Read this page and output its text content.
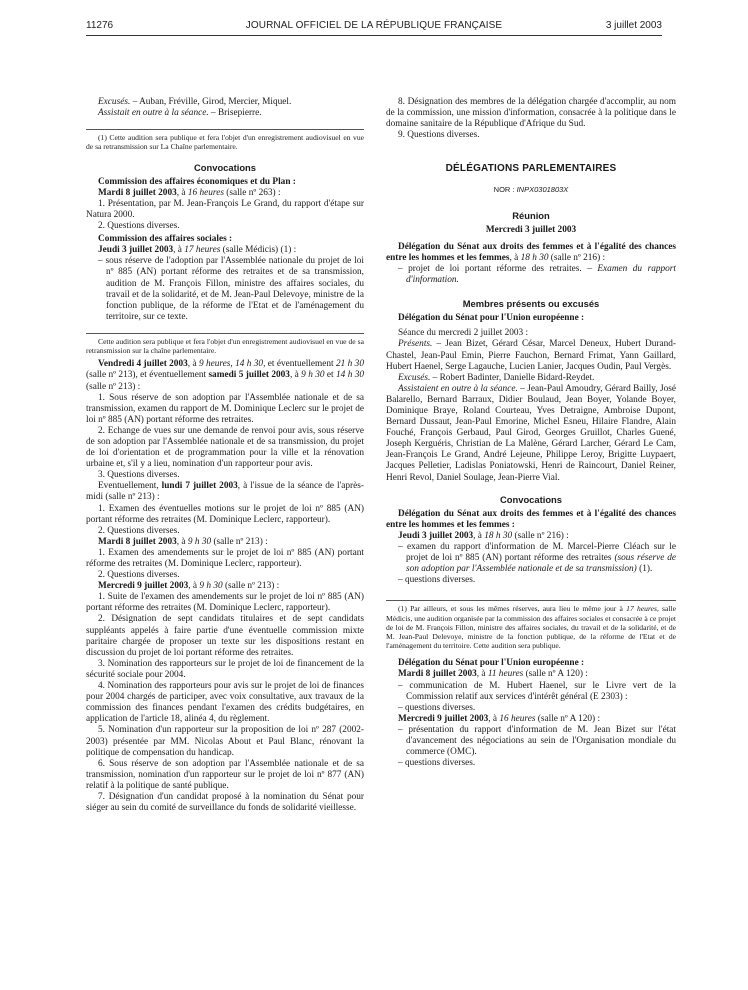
11276	JOURNAL OFFICIEL DE LA RÉPUBLIQUE FRANÇAISE	3 juillet 2003

Excusés. – Auban, Fréville, Girod, Mercier, Miquel.

Assistait en outre à la séance. – Brisepierre.

(1) Cette audition sera publique et fera l'objet d'un enregistrement audiovisuel en vue de sa retransmission sur La Chaîne parlementaire.

Convocations

Commission des affaires économiques et du Plan :

Mardi 8 juillet 2003, à 16 heures (salle nº 263) :

1. Présentation, par M. Jean-François Le Grand, du rapport d'étape sur Natura 2000.

2. Questions diverses.

Commission des affaires sociales :

Jeudi 3 juillet 2003, à 17 heures (salle Médicis) (1) :

– sous réserve de l'adoption par l'Assemblée nationale du projet de loi nº 885 (AN) portant réforme des retraites et de sa transmission, audition de M. François Fillon, ministre des affaires sociales, du travail et de la solidarité, et de M. Jean-Paul Delevoye, ministre de la fonction publique, de la réforme de l'Etat et de l'aménagement du territoire, sur ce texte.

Cette audition sera publique et fera l'objet d'un enregistrement audiovisuel en vue de sa retransmission sur la chaîne parlementaire.

Vendredi 4 juillet 2003, à 9 heures, 14 h 30, et éventuellement 21 h 30 (salle nº 213), et éventuellement samedi 5 juillet 2003, à 9 h 30 et 14 h 30 (salle nº 213) :

1. Sous réserve de son adoption par l'Assemblée nationale et de sa transmission, examen du rapport de M. Dominique Leclerc sur le projet de loi nº 885 (AN) portant réforme des retraites.

2. Echange de vues sur une demande de renvoi pour avis, sous réserve de son adoption par l'Assemblée nationale et de sa transmission, du projet de loi d'orientation et de programmation pour la ville et la rénovation urbaine et, s'il y a lieu, nomination d'un rapporteur pour avis.

3. Questions diverses.

Eventuellement, lundi 7 juillet 2003, à l'issue de la séance de l'après-midi (salle nº 213) :

1. Examen des éventuelles motions sur le projet de loi nº 885 (AN) portant réforme des retraites (M. Dominique Leclerc, rapporteur).

2. Questions diverses.

Mardi 8 juillet 2003, à 9 h 30 (salle nº 213) :

1. Examen des amendements sur le projet de loi nº 885 (AN) portant réforme des retraites (M. Dominique Leclerc, rapporteur).

2. Questions diverses.

Mercredi 9 juillet 2003, à 9 h 30 (salle nº 213) :

1. Suite de l'examen des amendements sur le projet de loi nº 885 (AN) portant réforme des retraites (M. Dominique Leclerc, rapporteur).

2. Désignation de sept candidats titulaires et de sept candidats suppléants appelés à faire partie d'une éventuelle commission mixte paritaire chargée de proposer un texte sur les dispositions restant en discussion du projet de loi portant réforme des retraites.

3. Nomination des rapporteurs sur le projet de loi de financement de la sécurité sociale pour 2004.

4. Nomination des rapporteurs pour avis sur le projet de loi de finances pour 2004 chargés de participer, avec voix consultative, aux travaux de la commission des finances pendant l'examen des crédits budgétaires, en application de l'article 18, alinéa 4, du règlement.

5. Nomination d'un rapporteur sur la proposition de loi nº 287 (2002-2003) présentée par MM. Nicolas About et Paul Blanc, rénovant la politique de compensation du handicap.

6. Sous réserve de son adoption par l'Assemblée nationale et de sa transmission, nomination d'un rapporteur sur le projet de loi nº 877 (AN) relatif à la politique de santé publique.

7. Désignation d'un candidat proposé à la nomination du Sénat pour siéger au sein du comité de surveillance du fonds de solidarité vieillesse.

8. Désignation des membres de la délégation chargée d'accomplir, au nom de la commission, une mission d'information, consacrée à la politique dans le domaine sanitaire de la République d'Afrique du Sud.

9. Questions diverses.

DÉLÉGATIONS PARLEMENTAIRES
NOR : INPX0301803X
Réunion

Mercredi 3 juillet 2003

Délégation du Sénat aux droits des femmes et à l'égalité des chances entre les hommes et les femmes, à 18 h 30 (salle nº 216) :

– projet de loi portant réforme des retraites. – Examen du rapport d'information.

Membres présents ou excusés

Délégation du Sénat pour l'Union européenne :

Séance du mercredi 2 juillet 2003 :

Présents. – Jean Bizet, Gérard César, Marcel Deneux, Hubert Durand-Chastel, Jean-Paul Emin, Pierre Fauchon, Bernard Frimat, Yann Gaillard, Hubert Haenel, Serge Lagauche, Lucien Lanier, Jacques Oudin, Paul Vergès.

Excusés. – Robert Badinter, Danielle Bidard-Reydet.

Assistaient en outre à la séance. – Jean-Paul Amoudry, Gérard Bailly, José Balarello, Bernard Barraux, Didier Boulaud, Jean Boyer, Yolande Boyer, Dominique Braye, Roland Courteau, Yves Detraigne, Ambroise Dupont, Bernard Dussaut, Jean-Paul Emorine, Michel Esneu, Hilaire Flandre, Alain Fouché, François Gerbaud, Paul Girod, Georges Gruillot, Charles Guené, Joseph Kerguéris, Christian de La Malène, Gérard Larcher, Gérard Le Cam, Jean-François Le Grand, André Lejeune, Philippe Leroy, Brigitte Luypaert, Jacques Pelletier, Ladislas Poniatowski, Henri de Raincourt, Daniel Reiner, Henri Revol, Daniel Soulage, Jean-Pierre Vial.

Convocations

Délégation du Sénat aux droits des femmes et à l'égalité des chances entre les hommes et les femmes :

Jeudi 3 juillet 2003, à 18 h 30 (salle nº 216) :

– examen du rapport d'information de M. Marcel-Pierre Cléach sur le projet de loi nº 885 (AN) portant réforme des retraites (sous réserve de son adoption par l'Assemblée nationale et de sa transmission) (1).

– questions diverses.

(1) Par ailleurs, et sous les mêmes réserves, aura lieu le même jour à 17 heures, salle Médicis, une audition organisée par la commission des affaires sociales et consacrée à ce projet de loi de M. François Fillon, ministre des affaires sociales, du travail et de la solidarité, et de M. Jean-Paul Delevoye, ministre de la fonction publique, de la réforme de l'Etat et de l'aménagement du territoire. Cette audition sera publique.

Délégation du Sénat pour l'Union européenne :

Mardi 8 juillet 2003, à 11 heures (salle nº A 120) :

– communication de M. Hubert Haenel, sur le Livre vert de la Commission relatif aux services d'intérêt général (E 2303) :

– questions diverses.

Mercredi 9 juillet 2003, à 16 heures (salle nº A 120) :

– présentation du rapport d'information de M. Jean Bizet sur l'état d'avancement des négociations au sein de l'Organisation mondiale du commerce (OMC).

– questions diverses.
